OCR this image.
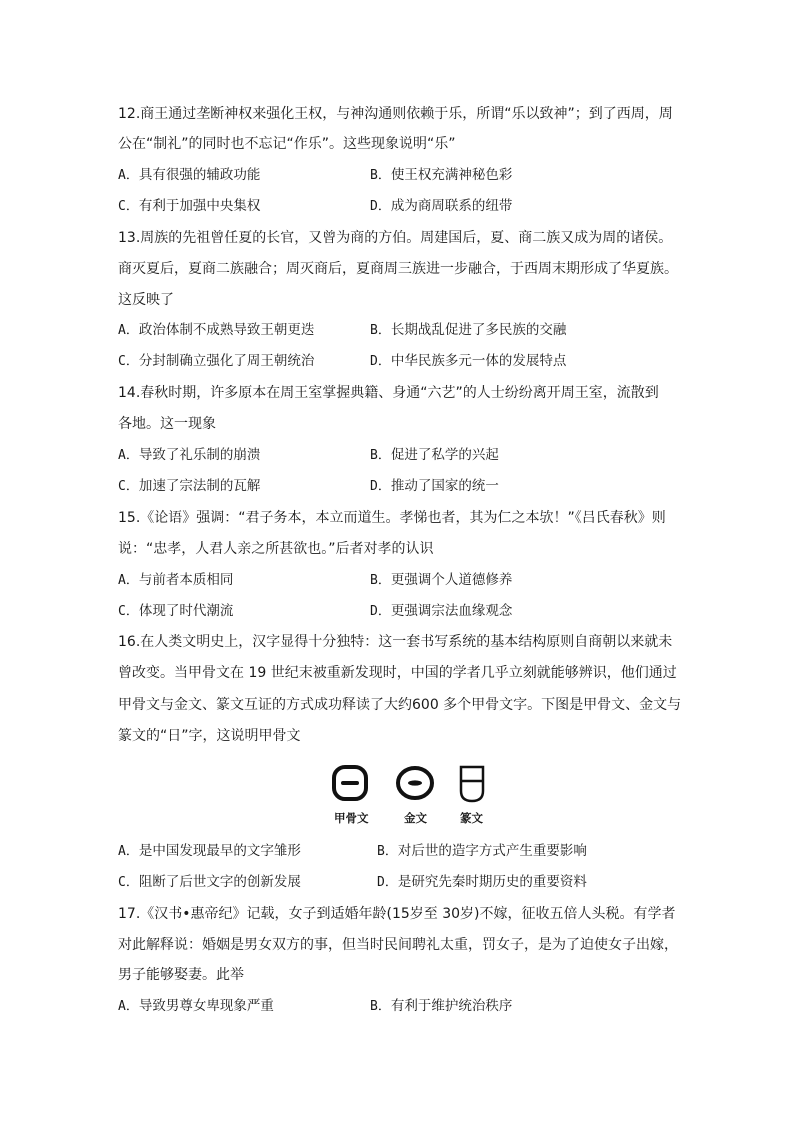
12.商王通过垄断神权来强化王权，与神沟通则依赖于乐，所谓“乐以致神”；到了西周，周
公在“制礼”的同时也不忘记“作乐”。这些现象说明“乐”
A．具有很强的辅政功能	B．使王权充满神秘色彩
C．有利于加强中央集权	D．成为商周联系的纽带
13.周族的先祖曾任夏的长官，又曾为商的方伯。周建国后，夏、商二族又成为周的诸侯。
商灭夏后，夏商二族融合；周灭商后，夏商周三族进一步融合，于西周末期形成了华夏族。
这反映了
A．政治体制不成熟导致王朝更迭	B．长期战乱促进了多民族的交融
C．分封制确立强化了周王朝统治	D．中华民族多元一体的发展特点
14.春秋时期，许多原本在周王室掌握典籍、身通“六艺”的人士纷纷离开周王室，流散到
各地。这一现象
A．导致了礼乐制的崩溃	B．促进了私学的兴起
C．加速了宗法制的瓦解	D．推动了国家的统一
15.《论语》强调：“君子务本，本立而道生。孝悌也者，其为仁之本欤！”《吕氏春秋》则
说：“忠孝，人君人亲之所甚欲也。”后者对孝的认识
A．与前者本质相同	B．更强调个人道德修养
C．体现了时代潮流	D．更强调宗法血缘观念
16.在人类文明史上，汉字显得十分独特：这一套书写系统的基本结构原则自商朝以来就未
曾改变。当甲骨文在 19 世纪末被重新发现时，中国的学者几乎立刻就能够辨识，他们通过
甲骨文与金文、篆文互证的方式成功释读了大约600 多个甲骨文字。下图是甲骨文、金文与
篆文的“日”字，这说明甲骨文
甲骨文	金文	篆文
A．是中国发现最早的文字雏形	B．对后世的造字方式产生重要影响
C．阻断了后世文字的创新发展	D．是研究先秦时期历史的重要资料
17.《汉书•惠帝纪》记载，女子到适婚年龄(15岁至 30岁)不嫁，征收五倍人头税。有学者
对此解释说：婚姻是男女双方的事，但当时民间聘礼太重，罚女子，是为了迫使女子出嫁，
男子能够娶妻。此举
A．导致男尊女卑现象严重	B．有利于维护统治秩序
